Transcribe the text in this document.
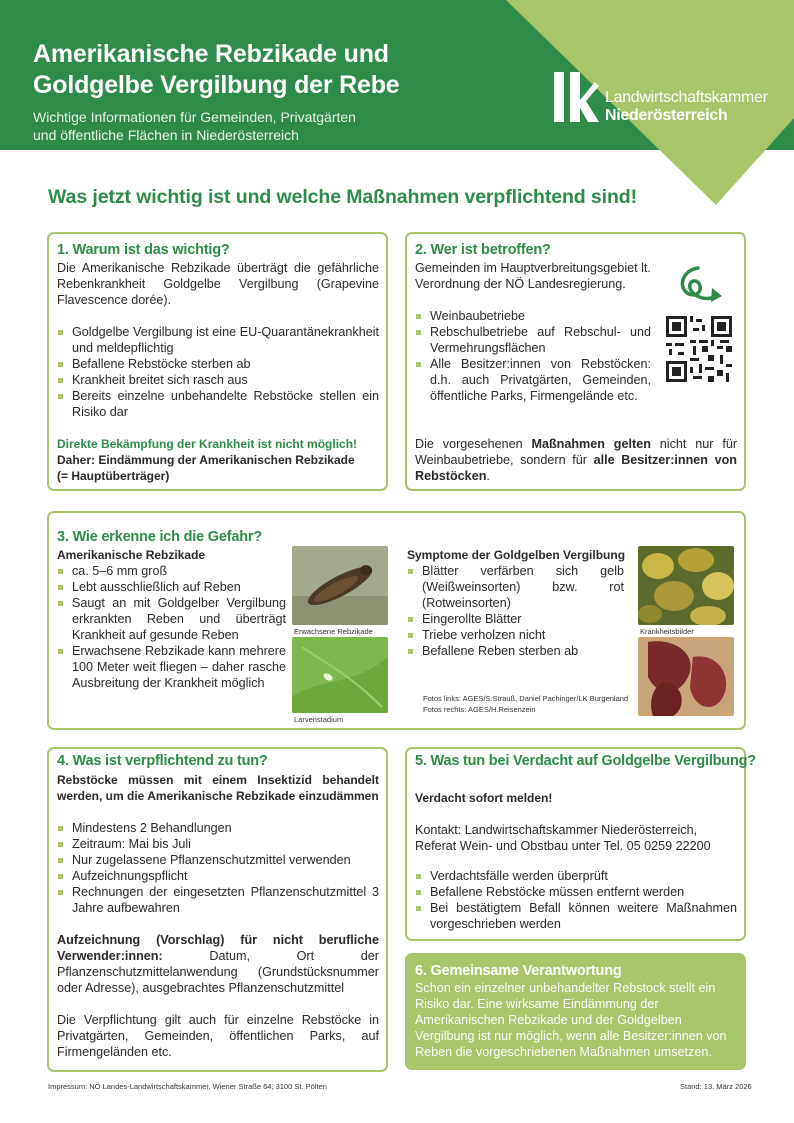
Amerikanische Rebzikade und
Goldgelbe Vergilbung der Rebe
Wichtige Informationen für Gemeinden, Privatgärten
und öffentliche Flächen in Niederösterreich
Landwirtschaftskammer
Niederösterreich
Was jetzt wichtig ist und welche Maßnahmen verpflichtend sind!
1. Warum ist das wichtig?
Die Amerikanische Rebzikade überträgt die gefährliche Rebenkrankheit Goldgelbe Vergilbung (Grapevine Flavescence dorée).
Goldgelbe Vergilbung ist eine EU-Quarantänekrankheit und meldepflichtig
Befallene Rebstöcke sterben ab
Krankheit breitet sich rasch aus
Bereits einzelne unbehandelte Rebstöcke stellen ein Risiko dar
Direkte Bekämpfung der Krankheit ist nicht möglich!
Daher: Eindämmung der Amerikanischen Rebzikade (= Hauptüberträger)
2. Wer ist betroffen?
Gemeinden im Hauptverbreitungsgebiet lt. Verordnung der NÖ Landesregierung.
Weinbaubetriebe
Rebschulbetriebe auf Rebschul- und Vermehrungsflächen
Alle Besitzer:innen von Rebstöcken: d.h. auch Privatgärten, Gemeinden, öffentliche Parks, Firmengelände etc.
Die vorgesehenen Maßnahmen gelten nicht nur für Weinbaubetriebe, sondern für alle Besitzer:innen von Rebstöcken.
3. Wie erkenne ich die Gefahr?
Amerikanische Rebzikade
ca. 5–6 mm groß
Lebt ausschließlich auf Reben
Saugt an mit Goldgelber Vergilbung erkrankten Reben und überträgt Krankheit auf gesunde Reben
Erwachsene Rebzikade kann mehrere 100 Meter weit fliegen – daher rasche Ausbreitung der Krankheit möglich
Erwachsene Rebzikade
Larvenstadium
Symptome der Goldgelben Vergilbung
Blätter verfärben sich gelb (Weißweinsorten) bzw. rot (Rotweinsorten)
Eingerollte Blätter
Triebe verholzen nicht
Befallene Reben sterben ab
Krankheitsbilder
Fotos links: AGES/S.Strauß, Daniel Pachinger/LK Burgenland
Fotos rechts: AGES/H.Reisenzein
4. Was ist verpflichtend zu tun?
Rebstöcke müssen mit einem Insektizid behandelt werden, um die Amerikanische Rebzikade einzudämmen
Mindestens 2 Behandlungen
Zeitraum: Mai bis Juli
Nur zugelassene Pflanzenschutzmittel verwenden
Aufzeichnungspflicht
Rechnungen der eingesetzten Pflanzenschutzmittel 3 Jahre aufbewahren
Aufzeichnung (Vorschlag) für nicht berufliche Verwender:innen: Datum, Ort der Pflanzenschutzmittelanwendung (Grundstücksnummer oder Adresse), ausgebrachtes Pflanzenschutzmittel
Die Verpflichtung gilt auch für einzelne Rebstöcke in Privatgärten, Gemeinden, öffentlichen Parks, auf Firmengeländen etc.
5. Was tun bei Verdacht auf Goldgelbe Vergilbung?
Verdacht sofort melden!
Kontakt: Landwirtschaftskammer Niederösterreich, Referat Wein- und Obstbau unter Tel. 05 0259 22200
Verdachtsfälle werden überprüft
Befallene Rebstöcke müssen entfernt werden
Bei bestätigtem Befall können weitere Maßnahmen vorgeschrieben werden
6. Gemeinsame Verantwortung
Schon ein einzelner unbehandelter Rebstock stellt ein Risiko dar. Eine wirksame Eindämmung der Amerikanischen Rebzikade und der Goldgelben Vergilbung ist nur möglich, wenn alle Besitzer:innen von Reben die vorgeschriebenen Maßnahmen umsetzen.
Impressum: NÖ Landes-Landwirtschaftskammer, Wiener Straße 64, 3100 St. Pölten	Stand: 13. März 2026
